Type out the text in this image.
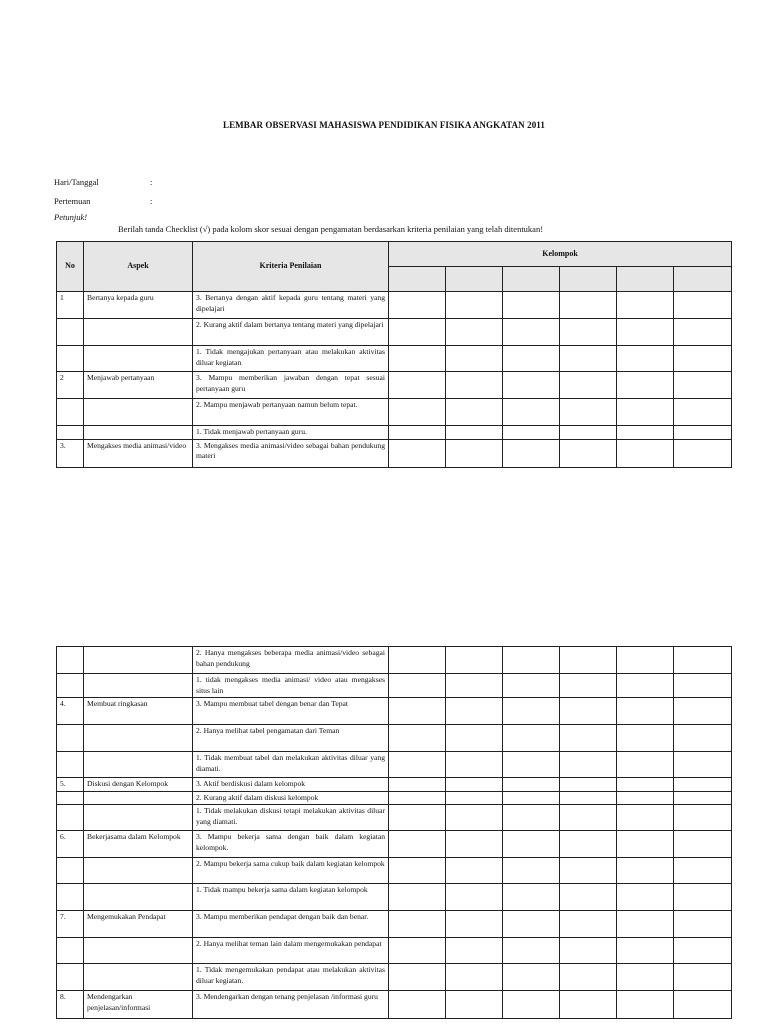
LEMBAR OBSERVASI MAHASISWA PENDIDIKAN FISIKA ANGKATAN 2011
Hari/Tanggal	:
Pertemuan	:
Petunjuk!
Berilah tanda Checklist (√) pada kolom skor sesuai dengan pengamatan berdasarkan kriteria penilaian yang telah ditentukan!
No	Aspek	Kriteria Penilaian	Kelompok					

1	Bertanya kepada guru	3. Bertanya dengan aktif kepada guru tentang materi yang dipelajari						
		2. Kurang aktif dalam bertanya tentang materi yang dipelajari						
		1. Tidak mengajukan pertanyaan atau melakukan aktivitas diluar kegiatan						
2	Menjawab pertanyaan	3. Mampu memberikan jawaban dengan tepat sesuai pertanyaan guru						
		2. Mampu menjawab pertanyaan namun belum tepat.						
		1. Tidak menjawab pertanyaan guru.						
3.	Mengakses media animasi/video	3. Mengakses media animasi/video sebagai bahan pendukung materi						
		2. Hanya mengakses beberapa media animasi/video sebagai bahan pendukung						
		1. tidak mengakses media animasi/ video atau mengakses situs lain						
4.	Membuat ringkasan	3. Mampu membuat tabel dengan benar dan Tepat						
		2. Hanya melihat tabel pengamatan dari Teman						
		1. Tidak membuat tabel dan melakukan aktivitas diluar yang diamati.						
5.	Diskusi dengan Kelompok	3. Aktif berdiskusi dalam kelompok						
		2. Kurang aktif dalam diskusi kelompok						
		1. Tidak melakukan diskusi tetapi melakukan aktivitas diluar yang diamati.						
6.	Bekerjasama dalam Kelompok	3. Mampu bekerja sama dengan baik dalam kegiatan kelompok.						
		2. Mampu bekerja sama cukup baik dalam kegiatan kelompok						
		1. Tidak mampu bekerja sama dalam kegiatan kelompok						
7.	Mengemukakan Pendapat	3. Mampu memberikan pendapat dengan baik dan benar.						
		2. Hanya melihat teman lain dalam mengemukakan pendapat						
		1. Tidak mengemukakan pendapat atau melakukan aktivitas diluar kegiatan.						
8.	Mendengarkan penjelasan/informasi	3. Mendengarkan dengan tenang penjelasan /informasi guru						
